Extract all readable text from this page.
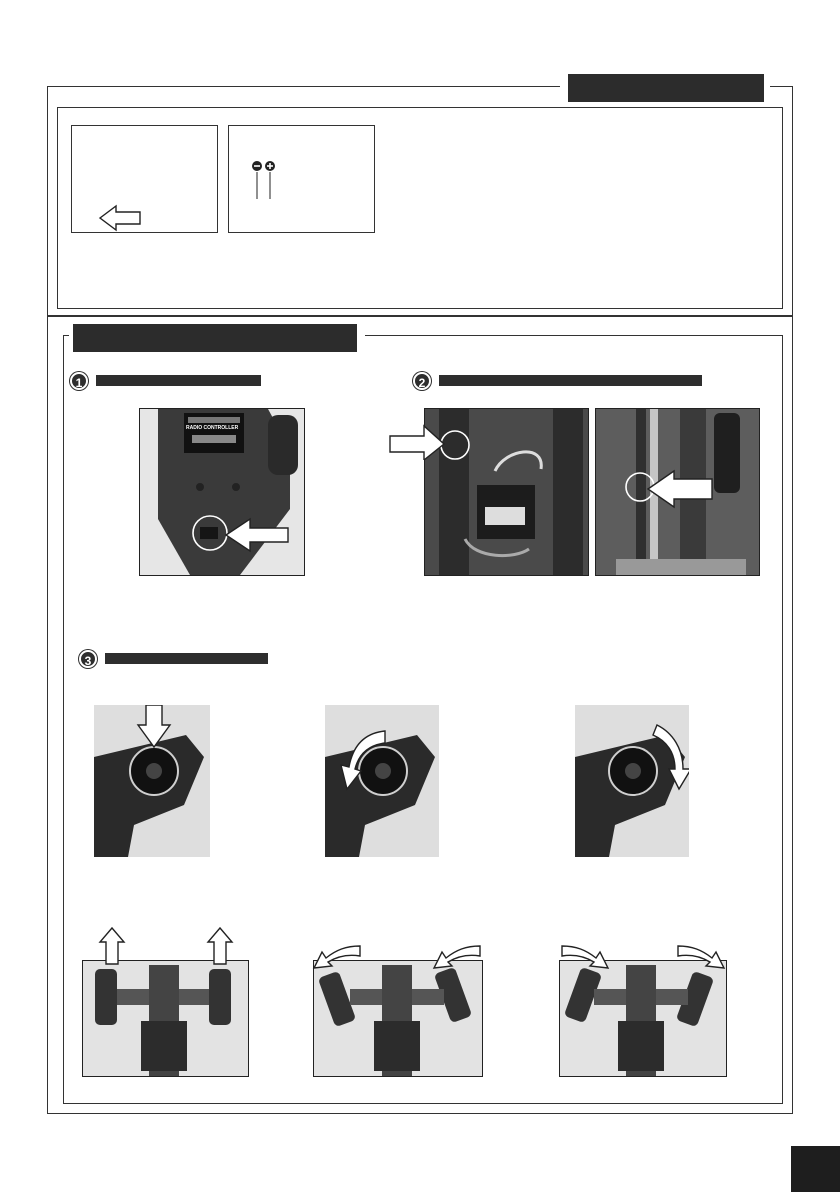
−	+
1	2
3
RADIO CONTROLLER
